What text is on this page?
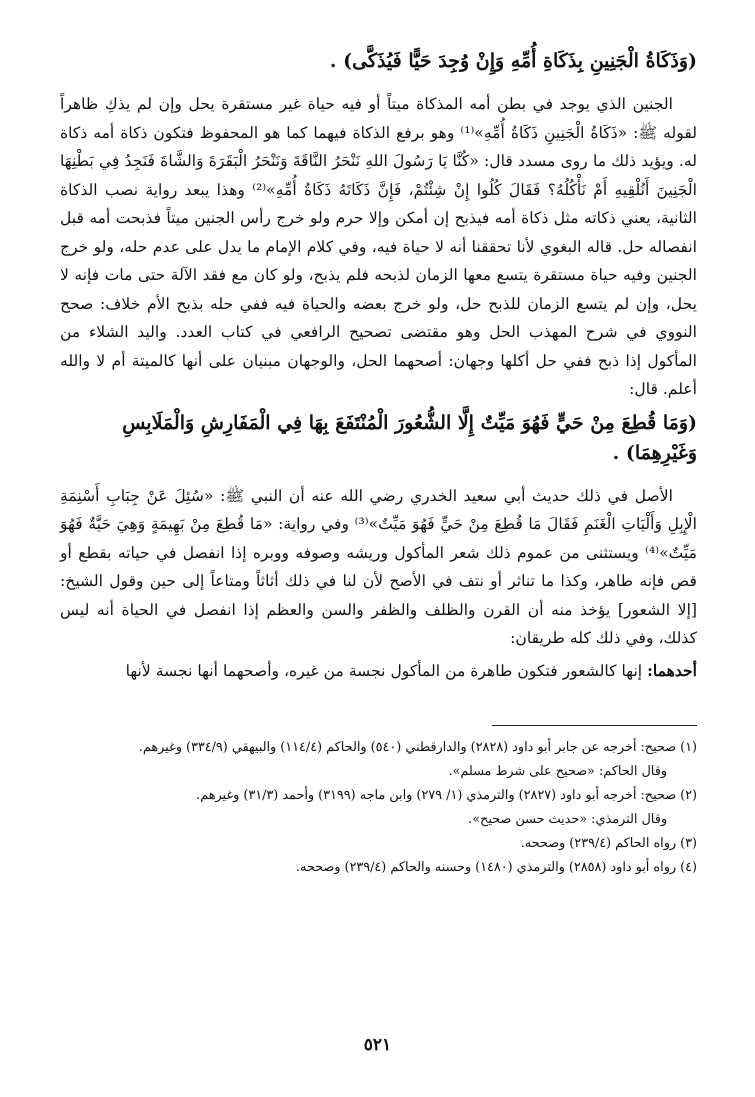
(وَذَكَاةُ الْجَنِينِ بِذَكَاةِ أُمِّهِ وَإِنْ وُجِدَ حَيًّا فَيُذَكَّى) .

الجنين الذي يوجد في بطن أمه المذكاة ميتاً أو فيه حياة غير مستقرة يحل وإن لم يذكِ ظاهراً لقوله ﷺ: «ذَكَاةُ الْجَنِينِ ذَكَاةُ أُمِّهِ»⁽¹⁾ وهو برفع الذكاة فيهما كما هو المحفوظ فتكون ذكاة أمه ذكاة له. ويؤيد ذلك ما روى مسدد قال: «كُنَّا يَا رَسُولَ اللهِ نَنْحَرُ النَّاقَةَ وَنَنْحَرُ الْبَقَرَةَ وَالشَّاةَ فَنَجِدُ فِي بَطْنِهَا الْجَنِينَ أَنُلْقِيهِ أَمْ نَأْكُلُهُ؟ فَقَالَ كُلُوا إِنْ شِئْتُمْ، فَإِنَّ ذَكَاتَهُ ذَكَاةُ أُمِّهِ»⁽²⁾ وهذا يبعد رواية نصب الذكاة الثانية، يعني ذكاته مثل ذكاة أمه فيذبح إن أمكن وإلا حرم ولو خرج رأس الجنين ميتاً فذبحت أمه قبل انفصاله حل. قاله البغوي لأنا تحققنا أنه لا حياة فيه، وفي كلام الإمام ما يدل على عدم حله، ولو خرج الجنين وفيه حياة مستقرة يتسع معها الزمان لذبحه فلم يذبح، ولو كان مع فقد الآلة حتى مات فإنه لا يحل، وإن لم يتسع الزمان للذبح حل، ولو خرج بعضه والحياة فيه ففي حله بذبح الأم خلاف: صحح النووي في شرح المهذب الحل وهو مقتضى تصحيح الرافعي في كتاب العدد. واليد الشلاء من المأكول إذا ذبح ففي حل أكلها وجهان: أصحهما الحل، والوجهان مبنيان على أنها كالميتة أم لا والله أعلم. قال:

(وَمَا قُطِعَ مِنْ حَيٍّ فَهُوَ مَيِّتٌ إِلَّا الشُّعُورَ الْمُنْتَفَعَ بِهَا فِي الْمَفَارِشِ وَالْمَلَابِسِ وَغَيْرِهِمَا) .

الأصل في ذلك حديث أبي سعيد الخدري رضي الله عنه أن النبي ﷺ: «سُئِلَ عَنْ جِبَابِ أَسْنِمَةِ الْإِبِلِ وَأَلْيَاتِ الْغَنَمِ فَقَالَ مَا قُطِعَ مِنْ حَيٍّ فَهُوَ مَيِّتٌ»⁽³⁾ وفي رواية: «مَا قُطِعَ مِنْ بَهِيمَةٍ وَهِيَ حَيَّةٌ فَهُوَ مَيِّتٌ»⁽⁴⁾ ويستثنى من عموم ذلك شعر المأكول وريشه وصوفه ووبره إذا انفصل في حياته بقطع أو قص فإنه طاهر، وكذا ما تناثر أو نتف في الأصح لأن لنا في ذلك أثاثاً ومتاعاً إلى حين وقول الشيخ: [إلا الشعور] يؤخذ منه أن القرن والظلف والظفر والسن والعظم إذا انفصل في الحياة أنه ليس كذلك، وفي ذلك كله طريقان:

أحدهما: إنها كالشعور فتكون طاهرة من المأكول نجسة من غيره، وأصحهما أنها نجسة لأنها

(١) صحيح: أخرجه عن جابر أبو داود (٢٨٢٨) والدارقطني (٥٤٠) والحاكم (١١٤/٤) والبيهقي (٣٣٤/٩) وغيرهم.

وقال الحاكم: «صحيح على شرط مسلم».

(٢) صحيح: أخرجه أبو داود (٢٨٢٧) والترمذي (١/ ٢٧٩) وابن ماجه (٣١٩٩) وأحمد (٣١/٣) وغيرهم.

وقال الترمذي: «حديث حسن صحيح».

(٣) رواه الحاكم (٢٣٩/٤) وصححه.

(٤) رواه أبو داود (٢٨٥٨) والترمذي (١٤٨٠) وحسنه والحاكم (٢٣٩/٤) وصححه.

٥٢١
